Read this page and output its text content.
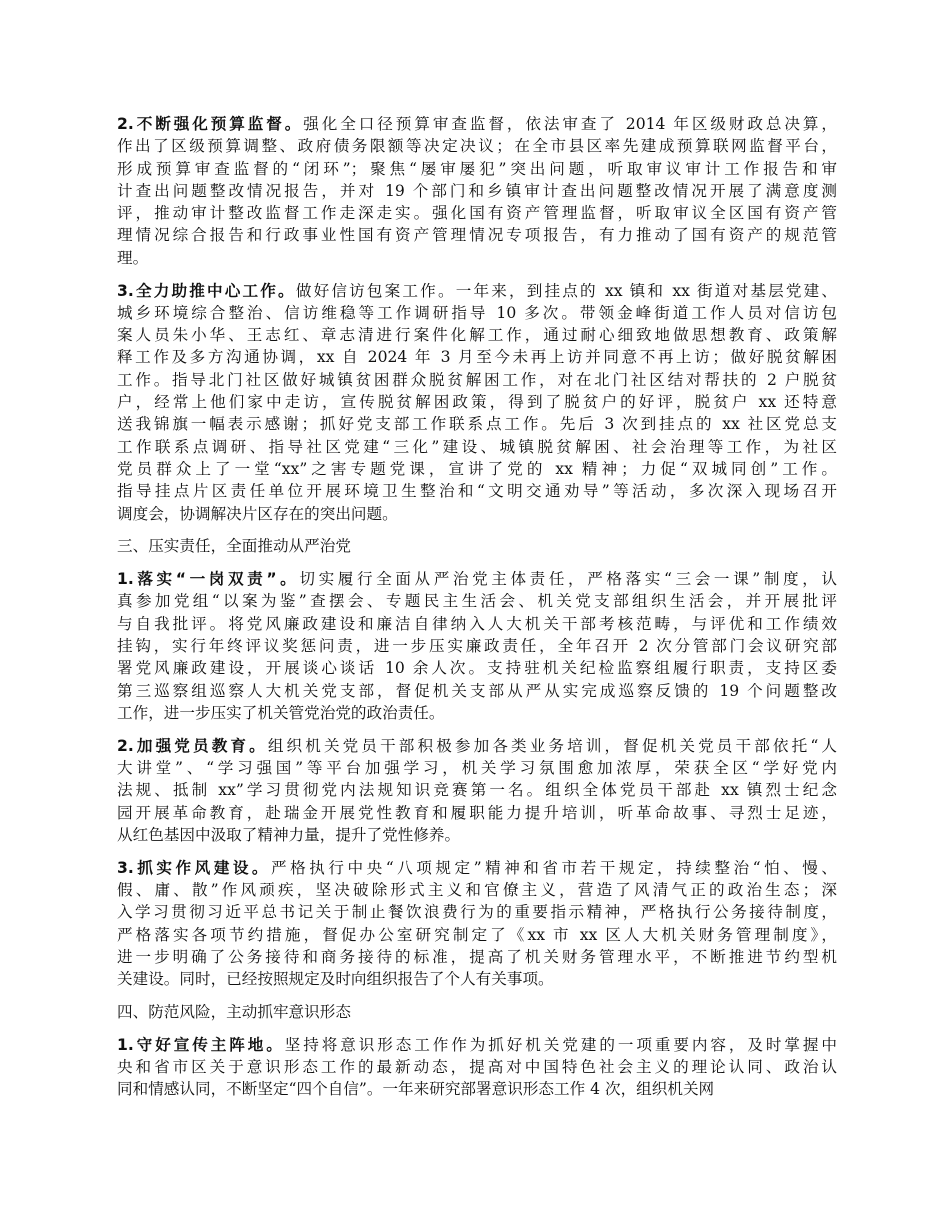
2.不断强化预算监督。强化全口径预算审查监督，依法审查了 2014 年区级财政总决算，
作出了区级预算调整、政府债务限额等决定决议；在全市县区率先建成预算联网监督平台，
形成预算审查监督的“闭环”；聚焦“屡审屡犯”突出问题，听取审议审计工作报告和审
计查出问题整改情况报告，并对 19 个部门和乡镇审计查出问题整改情况开展了满意度测
评，推动审计整改监督工作走深走实。强化国有资产管理监督，听取审议全区国有资产管
理情况综合报告和行政事业性国有资产管理情况专项报告，有力推动了国有资产的规范管
理。
3.全力助推中心工作。做好信访包案工作。一年来，到挂点的 xx 镇和 xx 街道对基层党建、
城乡环境综合整治、信访维稳等工作调研指导 10 多次。带领金峰街道工作人员对信访包
案人员朱小华、王志红、章志清进行案件化解工作，通过耐心细致地做思想教育、政策解
释工作及多方沟通协调，xx 自 2024 年 3 月至今未再上访并同意不再上访；做好脱贫解困
工作。指导北门社区做好城镇贫困群众脱贫解困工作，对在北门社区结对帮扶的 2 户脱贫
户，经常上他们家中走访，宣传脱贫解困政策，得到了脱贫户的好评，脱贫户 xx 还特意
送我锦旗一幅表示感谢；抓好党支部工作联系点工作。先后 3 次到挂点的 xx 社区党总支
工作联系点调研、指导社区党建“三化”建设、城镇脱贫解困、社会治理等工作，为社区
党员群众上了一堂“xx”之害专题党课，宣讲了党的 xx 精神；力促“双城同创”工作。
指导挂点片区责任单位开展环境卫生整治和“文明交通劝导”等活动，多次深入现场召开
调度会，协调解决片区存在的突出问题。
三、压实责任，全面推动从严治党
1.落实“一岗双责”。切实履行全面从严治党主体责任，严格落实“三会一课”制度，认
真参加党组“以案为鉴”查摆会、专题民主生活会、机关党支部组织生活会，并开展批评
与自我批评。将党风廉政建设和廉洁自律纳入人大机关干部考核范畴，与评优和工作绩效
挂钩，实行年终评议奖惩问责，进一步压实廉政责任，全年召开 2 次分管部门会议研究部
署党风廉政建设，开展谈心谈话 10 余人次。支持驻机关纪检监察组履行职责，支持区委
第三巡察组巡察人大机关党支部，督促机关支部从严从实完成巡察反馈的 19 个问题整改
工作，进一步压实了机关管党治党的政治责任。
2.加强党员教育。组织机关党员干部积极参加各类业务培训，督促机关党员干部依托“人
大讲堂”、“学习强国”等平台加强学习，机关学习氛围愈加浓厚，荣获全区“学好党内
法规、抵制 xx”学习贯彻党内法规知识竞赛第一名。组织全体党员干部赴 xx 镇烈士纪念
园开展革命教育，赴瑞金开展党性教育和履职能力提升培训，听革命故事、寻烈士足迹，
从红色基因中汲取了精神力量，提升了党性修养。
3.抓实作风建设。严格执行中央“八项规定”精神和省市若干规定，持续整治“怕、慢、
假、庸、散”作风顽疾，坚决破除形式主义和官僚主义，营造了风清气正的政治生态；深
入学习贯彻习近平总书记关于制止餐饮浪费行为的重要指示精神，严格执行公务接待制度，
严格落实各项节约措施，督促办公室研究制定了《xx 市 xx 区人大机关财务管理制度》，
进一步明确了公务接待和商务接待的标准，提高了机关财务管理水平，不断推进节约型机
关建设。同时，已经按照规定及时向组织报告了个人有关事项。
四、防范风险，主动抓牢意识形态
1.守好宣传主阵地。坚持将意识形态工作作为抓好机关党建的一项重要内容，及时掌握中
央和省市区关于意识形态工作的最新动态，提高对中国特色社会主义的理论认同、政治认
同和情感认同，不断坚定“四个自信”。一年来研究部署意识形态工作 4 次，组织机关网
